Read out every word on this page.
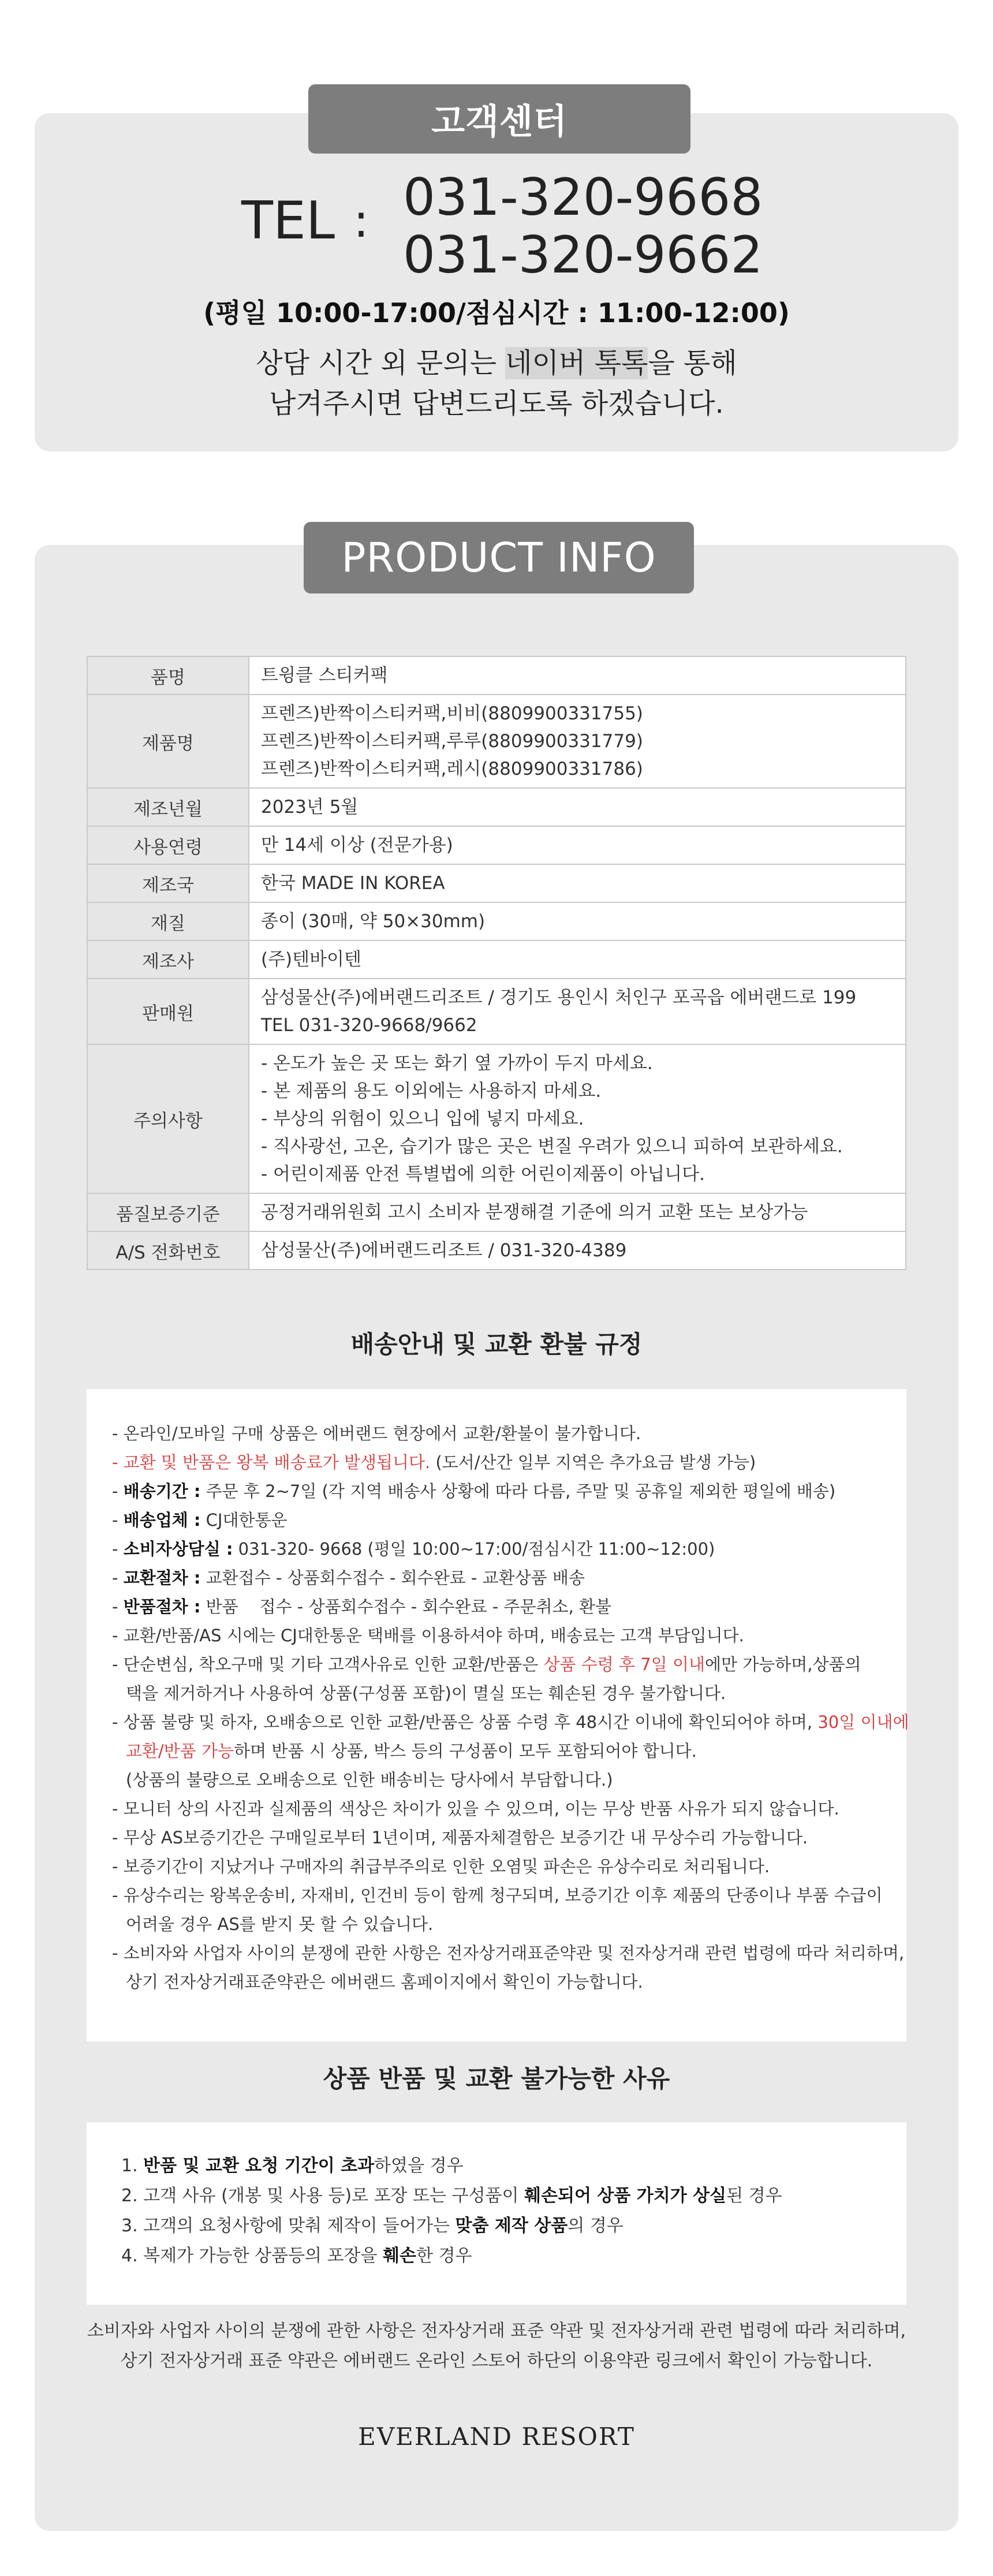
고객센터
TEL : 031-320-9668
031-320-9662
(평일 10:00-17:00/점심시간 : 11:00-12:00)
상담 시간 외 문의는 네이버 톡톡을 통해
남겨주시면 답변드리도록 하겠습니다.
PRODUCT INFO
품명	트윙클 스티커팩

제품명	프렌즈)반짝이스티커팩,비비(8809900331755)
프렌즈)반짝이스티커팩,루루(8809900331779)
프렌즈)반짝이스티커팩,레시(8809900331786)

제조년월	2023년 5월

사용연령	만 14세 이상 (전문가용)

제조국	한국 MADE IN KOREA

재질	종이 (30매, 약 50×30mm)

제조사	(주)텐바이텐

판매원	삼성물산(주)에버랜드리조트 / 경기도 용인시 처인구 포곡읍 에버랜드로 199
TEL 031-320-9668/9662

주의사항	- 온도가 높은 곳 또는 화기 옆 가까이 두지 마세요.
- 본 제품의 용도 이외에는 사용하지 마세요.
- 부상의 위험이 있으니 입에 넣지 마세요.
- 직사광선, 고온, 습기가 많은 곳은 변질 우려가 있으니 피하여 보관하세요.
- 어린이제품 안전 특별법에 의한 어린이제품이 아닙니다.

품질보증기준	공정거래위원회 고시 소비자 분쟁해결 기준에 의거 교환 또는 보상가능

A/S 전화번호	삼성물산(주)에버랜드리조트 / 031-320-4389
배송안내 및 교환 환불 규정

- 온라인/모바일 구매 상품은 에버랜드 현장에서 교환/환불이 불가합니다.

- 교환 및 반품은 왕복 배송료가 발생됩니다. (도서/산간 일부 지역은 추가요금 발생 가능)

- 배송기간 : 주문 후 2~7일 (각 지역 배송사 상황에 따라 다름, 주말 및 공휴일 제외한 평일에 배송)

- 배송업체 : CJ대한통운

- 소비자상담실 : 031-320- 9668 (평일 10:00~17:00/점심시간 11:00~12:00)

- 교환절차 : 교환접수 - 상품회수접수 - 회수완료 - 교환상품 배송

- 반품절차 : 반품    접수 - 상품회수접수 - 회수완료 - 주문취소, 환불

- 교환/반품/AS 시에는 CJ대한통운 택배를 이용하셔야 하며, 배송료는 고객 부담입니다.

- 단순변심, 착오구매 및 기타 고객사유로 인한 교환/반품은 상품 수령 후 7일 이내에만 가능하며,상품의

택을 제거하거나 사용하여 상품(구성품 포함)이 멸실 또는 훼손된 경우 불가합니다.

- 상품 불량 및 하자, 오배송으로 인한 교환/반품은 상품 수령 후 48시간 이내에 확인되어야 하며, 30일 이내에

교환/반품 가능하며 반품 시 상품, 박스 등의 구성품이 모두 포함되어야 합니다.

(상품의 불량으로 오배송으로 인한 배송비는 당사에서 부담합니다.)

- 모니터 상의 사진과 실제품의 색상은 차이가 있을 수 있으며, 이는 무상 반품 사유가 되지 않습니다.

- 무상 AS보증기간은 구매일로부터 1년이며, 제품자체결함은 보증기간 내 무상수리 가능합니다.

- 보증기간이 지났거나 구매자의 취급부주의로 인한 오염및 파손은 유상수리로 처리됩니다.

- 유상수리는 왕복운송비, 자재비, 인건비 등이 함께 청구되며, 보증기간 이후 제품의 단종이나 부품 수급이

어려울 경우 AS를 받지 못 할 수 있습니다.

- 소비자와 사업자 사이의 분쟁에 관한 사항은 전자상거래표준약관 및 전자상거래 관련 법령에 따라 처리하며,

상기 전자상거래표준약관은 에버랜드 홈페이지에서 확인이 가능합니다.

상품 반품 및 교환 불가능한 사유

1. 반품 및 교환 요청 기간이 초과하였을 경우

2. 고객 사유 (개봉 및 사용 등)로 포장 또는 구성품이 훼손되어 상품 가치가 상실된 경우

3. 고객의 요청사항에 맞춰 제작이 들어가는 맞춤 제작 상품의 경우

4. 복제가 가능한 상품등의 포장을 훼손한 경우

소비자와 사업자 사이의 분쟁에 관한 사항은 전자상거래 표준 약관 및 전자상거래 관련 법령에 따라 처리하며,
상기 전자상거래 표준 약관은 에버랜드 온라인 스토어 하단의 이용약관 링크에서 확인이 가능합니다.
EVERLAND RESORT
